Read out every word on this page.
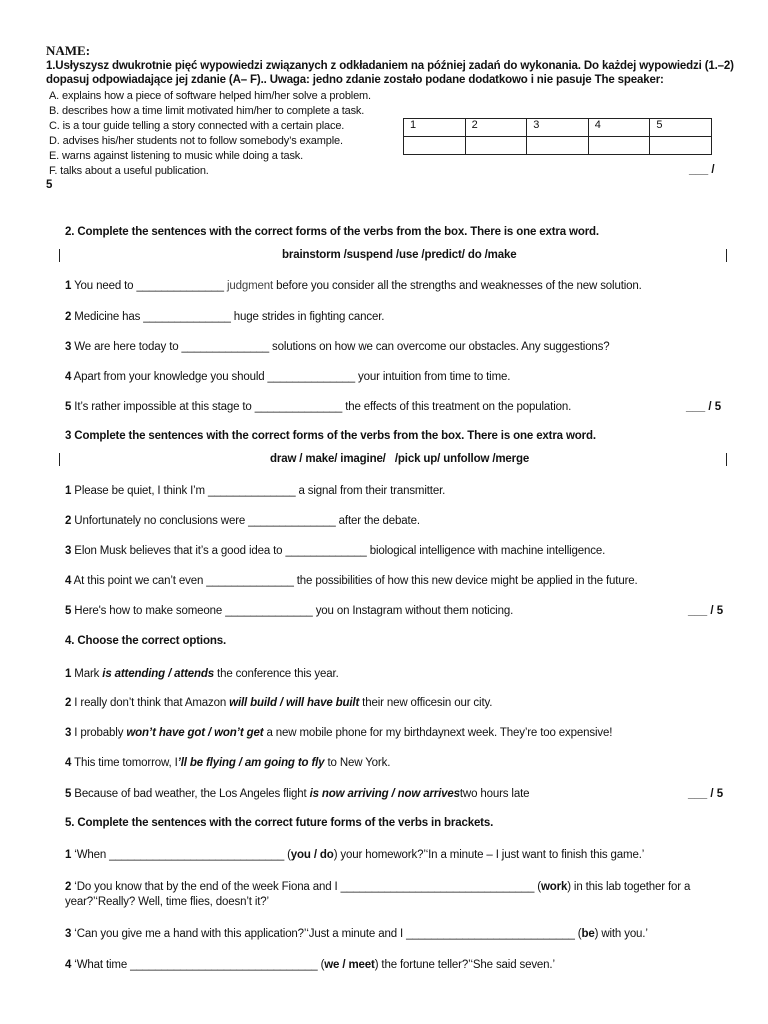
NAME:
1.Usłyszysz dwukrotnie pięć wypowiedzi związanych z odkładaniem na później zadań do wykonania. Do każdej wypowiedzi (1.–2)
dopasuj odpowiadające jej zdanie (A– F).. Uwaga: jedno zdanie zostało podane dodatkowo i nie pasuje The speaker:
A. explains how a piece of software helped him/her solve a problem.
B. describes how a time limit motivated him/her to complete a task.
C. is a tour guide telling a story connected with a certain place.
D. advises his/her students not to follow somebody’s example.
E. warns against listening to music while doing a task.
F. talks about a useful publication.
1	2	3	4	5

___ /
5
2. Complete the sentences with the correct forms of the verbs from the box. There is one extra word.
brainstorm /suspend /use /predict/ do /make
1 You need to ______________ judgment before you consider all the strengths and weaknesses of the new solution.
2 Medicine has ______________ huge strides in fighting cancer.
3 We are here today to ______________ solutions on how we can overcome our obstacles. Any suggestions?
4 Apart from your knowledge you should ______________ your intuition from time to time.
5 It’s rather impossible at this stage to ______________ the effects of this treatment on the population.	___ / 5
3 Complete the sentences with the correct forms of the verbs from the box. There is one extra word.
draw / make/ imagine/   /pick up/ unfollow /merge
1 Please be quiet, I think I’m ______________ a signal from their transmitter.
2 Unfortunately no conclusions were ______________ after the debate.
3 Elon Musk believes that it’s a good idea to _____________ biological intelligence with machine intelligence.
4 At this point we can’t even ______________ the possibilities of how this new device might be applied in the future.
5 Here's how to make someone ______________ you on Instagram without them noticing.	___ / 5
4. Choose the correct options.
1 Mark is attending / attends the conference this year.
2 I really don’t think that Amazon will build / will have built their new officesin our city.
3 I probably won’t have got / won’t get a new mobile phone for my birthdaynext week. They’re too expensive!
4 This time tomorrow, I’ll be flying / am going to fly to New York.
5 Because of bad weather, the Los Angeles flight is now arriving / now arrivestwo hours late	___ / 5
5. Complete the sentences with the correct future forms of the verbs in brackets.
1 ‘When ____________________________ (you / do) your homework?’‘In a minute – I just want to finish this game.’
2 ‘Do you know that by the end of the week Fiona and I _______________________________ (work) in this lab together for a
year?’‘Really? Well, time flies, doesn’t it?’
3 ‘Can you give me a hand with this application?’‘Just a minute and I ___________________________ (be) with you.’
4 ‘What time ______________________________ (we / meet) the fortune teller?’‘She said seven.’
